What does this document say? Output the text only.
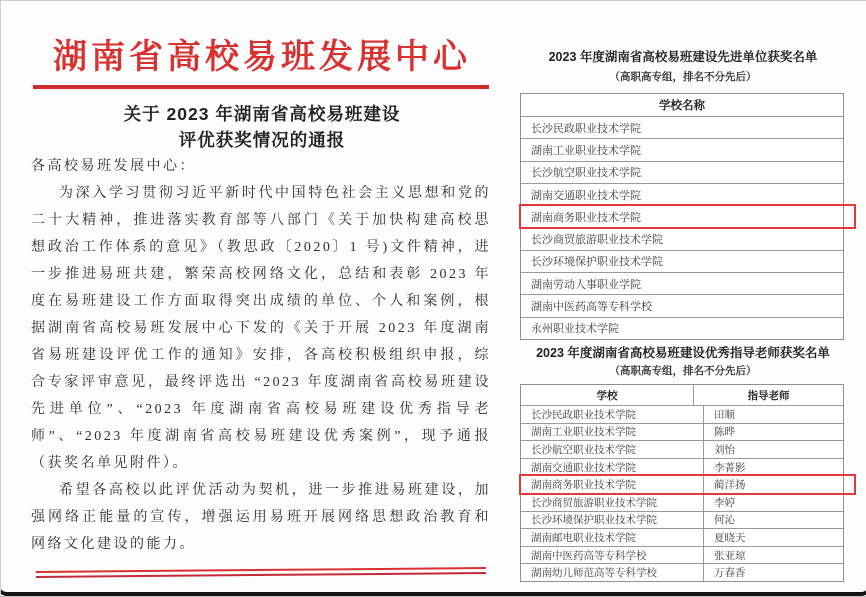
湖南省高校易班发展中心
关于 2023 年湖南省高校易班建设
评优获奖情况的通报

各高校易班发展中心：

为深入学习贯彻习近平新时代中国特色社会主义思想和党的二十大精神，推进落实教育部等八部门《关于加快构建高校思想政治工作体系的意见》（教思政〔2020〕1 号)文件精神，进一步推进易班共建，繁荣高校网络文化，总结和表彰 2023 年度在易班建设工作方面取得突出成绩的单位、个人和案例，根据湖南省高校易班发展中心下发的《关于开展 2023 年度湖南省易班建设评优工作的通知》安排，各高校积极组织申报，综合专家评审意见，最终评选出 “2023 年度湖南省高校易班建设先进单位”、“2023 年度湖南省高校易班建设优秀指导老师”、“2023 年度湖南省高校易班建设优秀案例”，现予通报（获奖名单见附件）。

希望各高校以此评优活动为契机，进一步推进易班建设，加强网络正能量的宣传，增强运用易班开展网络思想政治教育和网络文化建设的能力。

2023 年度湖南省高校易班建设先进单位获奖名单
（高职高专组，排名不分先后）
学校名称
长沙民政职业技术学院
湖南工业职业技术学院
长沙航空职业技术学院
湖南交通职业技术学院
湖南商务职业技术学院
长沙商贸旅游职业技术学院
长沙环境保护职业技术学院
湖南劳动人事职业学院
湖南中医药高等专科学校
永州职业技术学院
2023 年度湖南省高校易班建设优秀指导老师获奖名单
（高职高专组，排名不分先后）
学校	指导老师
长沙民政职业技术学院	田顺
湖南工业职业技术学院	陈晔
长沙航空职业技术学院	刘怡
湖南交通职业技术学院	李菁影
湖南商务职业技术学院	蔺洋扬
长沙商贸旅游职业技术学院	李婷
长沙环境保护职业技术学院	何沁
湖南邮电职业技术学院	夏晓天
湖南中医药高等专科学校	张亚琼
湖南幼儿师范高等专科学校	万春香
